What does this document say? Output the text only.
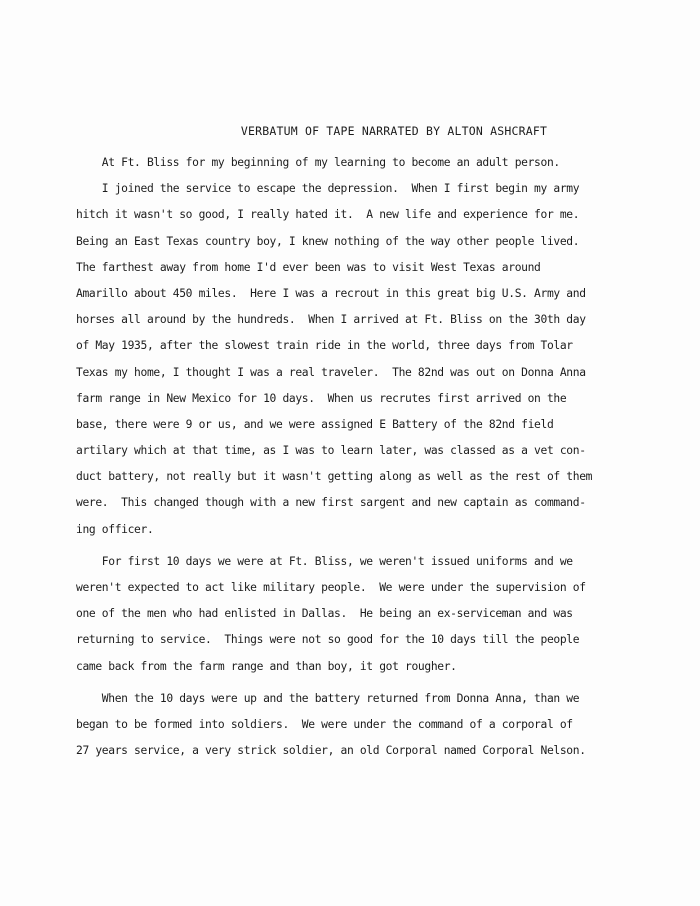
VERBATUM OF TAPE NARRATED BY ALTON ASHCRAFT
At Ft. Bliss for my beginning of my learning to become an adult person.
I joined the service to escape the depression.  When I first begin my army
hitch it wasn't so good, I really hated it.  A new life and experience for me.
Being an East Texas country boy, I knew nothing of the way other people lived.
The farthest away from home I'd ever been was to visit West Texas around
Amarillo about 450 miles.  Here I was a recrout in this great big U.S. Army and
horses all around by the hundreds.  When I arrived at Ft. Bliss on the 30th day
of May 1935, after the slowest train ride in the world, three days from Tolar
Texas my home, I thought I was a real traveler.  The 82nd was out on Donna Anna
farm range in New Mexico for 10 days.  When us recrutes first arrived on the
base, there were 9 or us, and we were assigned E Battery of the 82nd field
artilary which at that time, as I was to learn later, was classed as a vet con-
duct battery, not really but it wasn't getting along as well as the rest of them
were.  This changed though with a new first sargent and new captain as command-
ing officer.
For first 10 days we were at Ft. Bliss, we weren't issued uniforms and we
weren't expected to act like military people.  We were under the supervision of
one of the men who had enlisted in Dallas.  He being an ex-serviceman and was
returning to service.  Things were not so good for the 10 days till the people
came back from the farm range and than boy, it got rougher.
When the 10 days were up and the battery returned from Donna Anna, than we
began to be formed into soldiers.  We were under the command of a corporal of
27 years service, a very strick soldier, an old Corporal named Corporal Nelson.
